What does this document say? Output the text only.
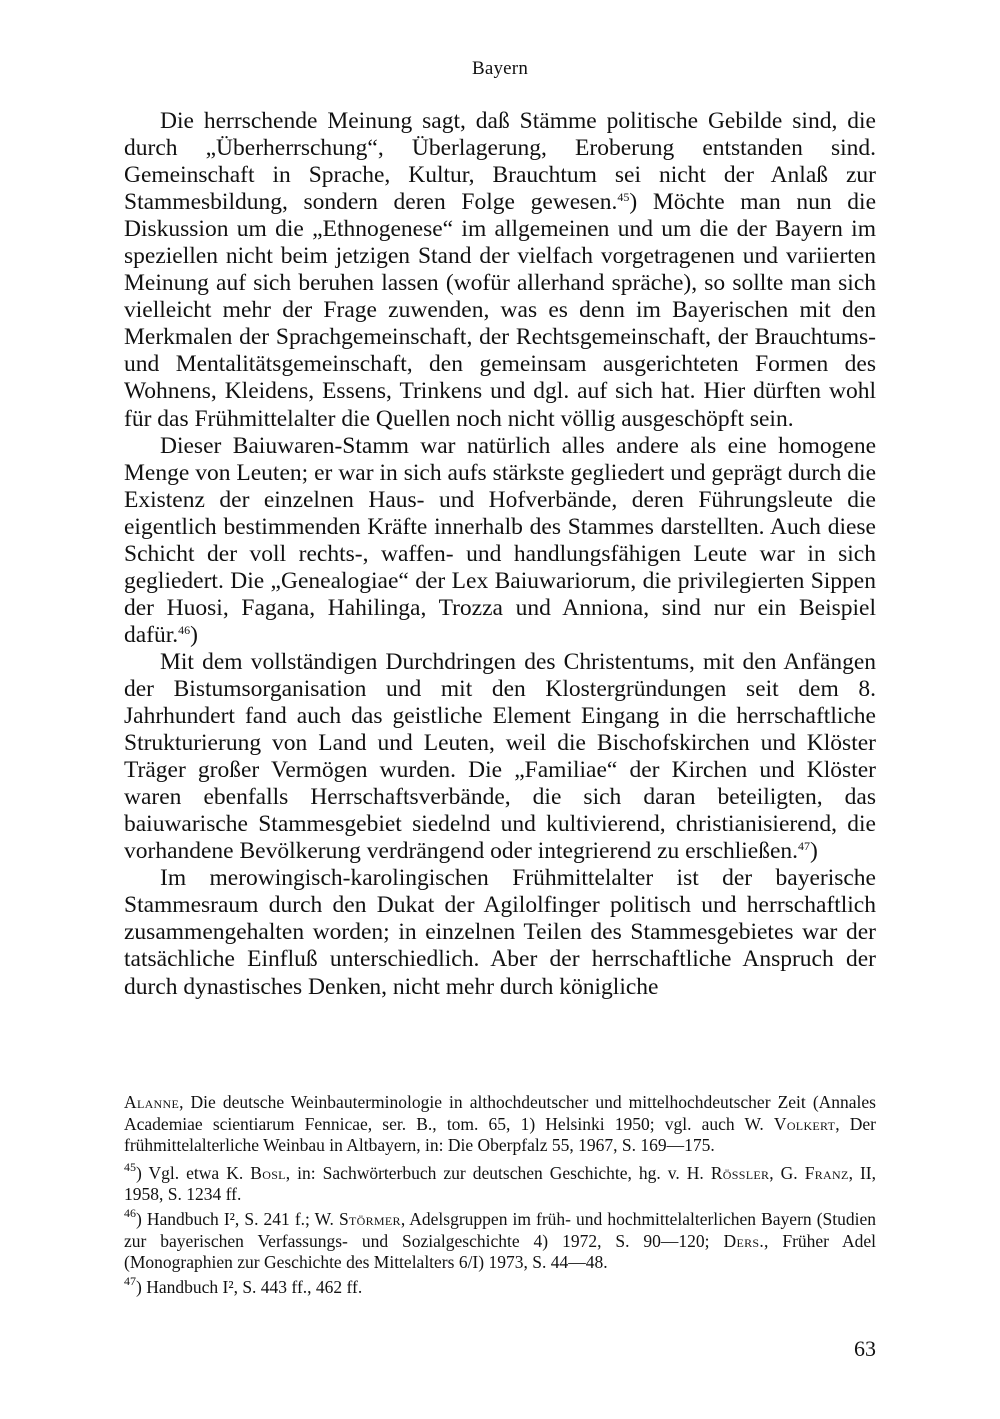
Bayern

Die herrschende Meinung sagt, daß Stämme politische Gebilde sind, die durch „Überherrschung“, Überlagerung, Eroberung entstanden sind. Gemeinschaft in Sprache, Kultur, Brauchtum sei nicht der Anlaß zur Stammesbildung, sondern deren Folge gewesen.$^{45}$) Möchte man nun die Diskussion um die „Ethnogenese“ im allgemeinen und um die der Bayern im speziellen nicht beim jetzigen Stand der vielfach vorgetragenen und variierten Meinung auf sich beruhen lassen (wofür allerhand spräche), so sollte man sich vielleicht mehr der Frage zuwenden, was es denn im Bayerischen mit den Merkmalen der Sprachgemeinschaft, der Rechtsgemeinschaft, der Brauchtums- und Mentalitätsgemeinschaft, den gemeinsam ausgerichteten Formen des Wohnens, Kleidens, Essens, Trinkens und dgl. auf sich hat. Hier dürften wohl für das Frühmittelalter die Quellen noch nicht völlig ausgeschöpft sein.

Dieser Baiuwaren-Stamm war natürlich alles andere als eine homogene Menge von Leuten; er war in sich aufs stärkste gegliedert und geprägt durch die Existenz der einzelnen Haus- und Hofverbände, deren Führungsleute die eigentlich bestimmenden Kräfte innerhalb des Stammes darstellten. Auch diese Schicht der voll rechts-, waffen- und handlungsfähigen Leute war in sich gegliedert. Die „Genealogiae“ der Lex Baiuwariorum, die privilegierten Sippen der Huosi, Fagana, Hahilinga, Trozza und Anniona, sind nur ein Beispiel dafür.$^{46}$)

Mit dem vollständigen Durchdringen des Christentums, mit den Anfängen der Bistumsorganisation und mit den Klostergründungen seit dem 8. Jahrhundert fand auch das geistliche Element Eingang in die herrschaftliche Strukturierung von Land und Leuten, weil die Bischofskirchen und Klöster Träger großer Vermögen wurden. Die „Familiae“ der Kirchen und Klöster waren ebenfalls Herrschaftsverbände, die sich daran beteiligten, das baiuwarische Stammesgebiet siedelnd und kultivierend, christianisierend, die vorhandene Bevölkerung verdrängend oder integrierend zu erschließen.$^{47}$)

Im merowingisch-karolingischen Frühmittelalter ist der bayerische Stammesraum durch den Dukat der Agilolfinger politisch und herrschaftlich zusammengehalten worden; in einzelnen Teilen des Stammesgebietes war der tatsächliche Einfluß unterschiedlich. Aber der herrschaftliche Anspruch der durch dynastisches Denken, nicht mehr durch königliche

Alanne, Die deutsche Weinbauterminologie in althochdeutscher und mittelhochdeutscher Zeit (Annales Academiae scientiarum Fennicae, ser. B., tom. 65, 1) Helsinki 1950; vgl. auch W. Volkert, Der frühmittelalterliche Weinbau in Altbayern, in: Die Oberpfalz 55, 1967, S. 169—175.

$^{45}$) Vgl. etwa K. Bosl, in: Sachwörterbuch zur deutschen Geschichte, hg. v. H. Rössler, G. Franz, II, 1958, S. 1234 ff.

$^{46}$) Handbuch I², S. 241 f.; W. Störmer, Adelsgruppen im früh- und hochmittelalterlichen Bayern (Studien zur bayerischen Verfassungs- und Sozialgeschichte 4) 1972, S. 90—120; Ders., Früher Adel (Monographien zur Geschichte des Mittelalters 6/I) 1973, S. 44—48.

$^{47}$) Handbuch I², S. 443 ff., 462 ff.

63
